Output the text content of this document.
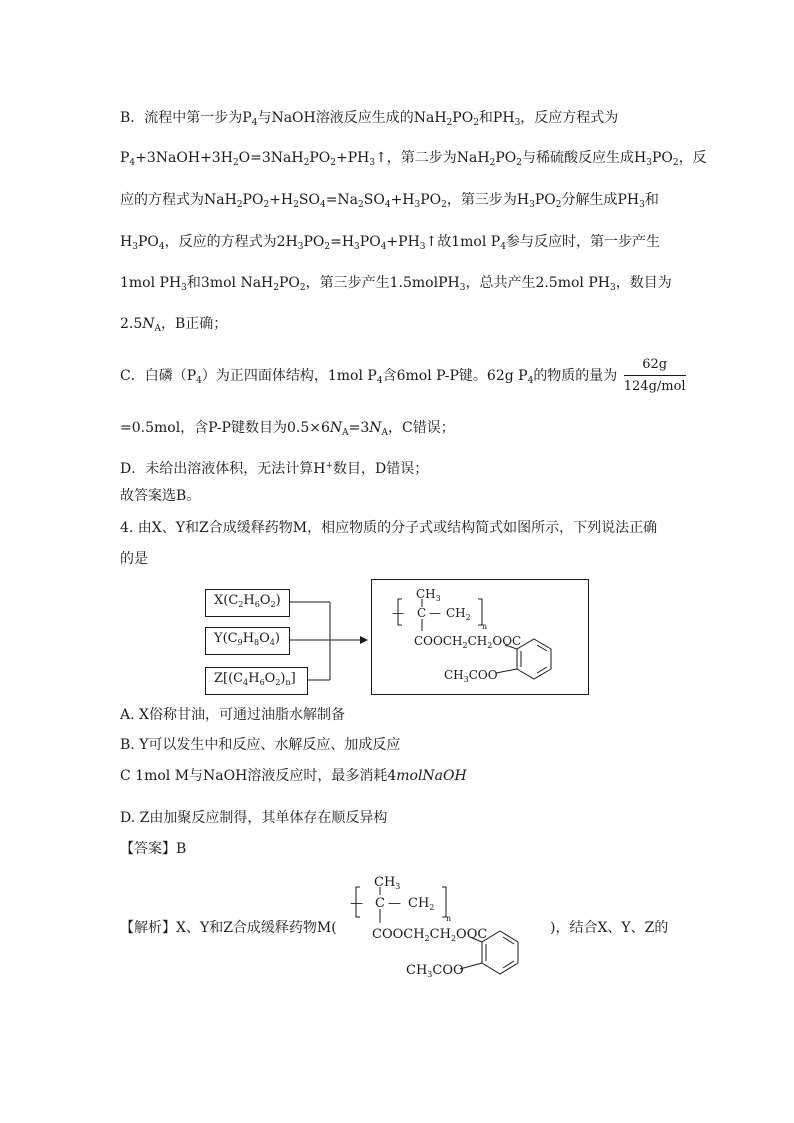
B．流程中第一步为$P_4$与NaOH溶液反应生成的$NaH_2PO_2$和$PH_3$，反应方程式为
$P_4+3NaOH+3H_2O=3NaH_2PO_2+PH_3↑$，第二步为$NaH_2PO_2$与稀硫酸反应生成$H_3PO_2$，反
应的方程式为$NaH_2PO_2+H_2SO_4=Na_2SO_4+H_3PO_2$，第三步为$H_3PO_2$分解生成$PH_3$和
$H_3PO_4$，反应的方程式为$2H_3PO_2=H_3PO_4+PH_3↑$故1mol $P_4$参与反应时，第一步产生
1mol $PH_3$和3mol $NaH_2PO_2$，第三步产生1.5molPH$_3$，总共产生2.5mol $PH_3$，数目为
$2.5N_A$，B正确；
C．白磷$(P_4)$为正四面体结构，1mol $P_4$含6mol P-P键。62g $P_4$的物质的量为 $\frac{62g}{\text{124g/mol}}$
=0.5mol，含P-P键数目为$0.5\times 6N_A=3N_A$，C错误；
D．未给出溶液体积，无法计算H+数目，D错误；
故答案选B。
4. 由X、Y和Z合成缓释药物M，相应物质的分子式或结构简式如图所示，下列说法正确
的是
$X(C_2H_6O_2)$
$Y(C_9H_8O_4)$
$Z[(C_4H_6O_2)_n]$
$CH_3$
— C — $CH_2$
n
$COOCH_2CH_2OOC$
$CH_3COO$
A. X俗称甘油，可通过油脂水解制备
B. Y可以发生中和反应、水解反应、加成反应
C 1mol M与NaOH溶液反应时，最多消耗4molNaOH
D. Z由加聚反应制得，其单体存在顺反异构
【答案】B
【解析】X、Y和Z合成缓释药物M(	)，结合X、Y、Z的
$CH_3$
— C — $CH_2$
n
$COOCH_2CH_2OOC$
$CH_3COO$
